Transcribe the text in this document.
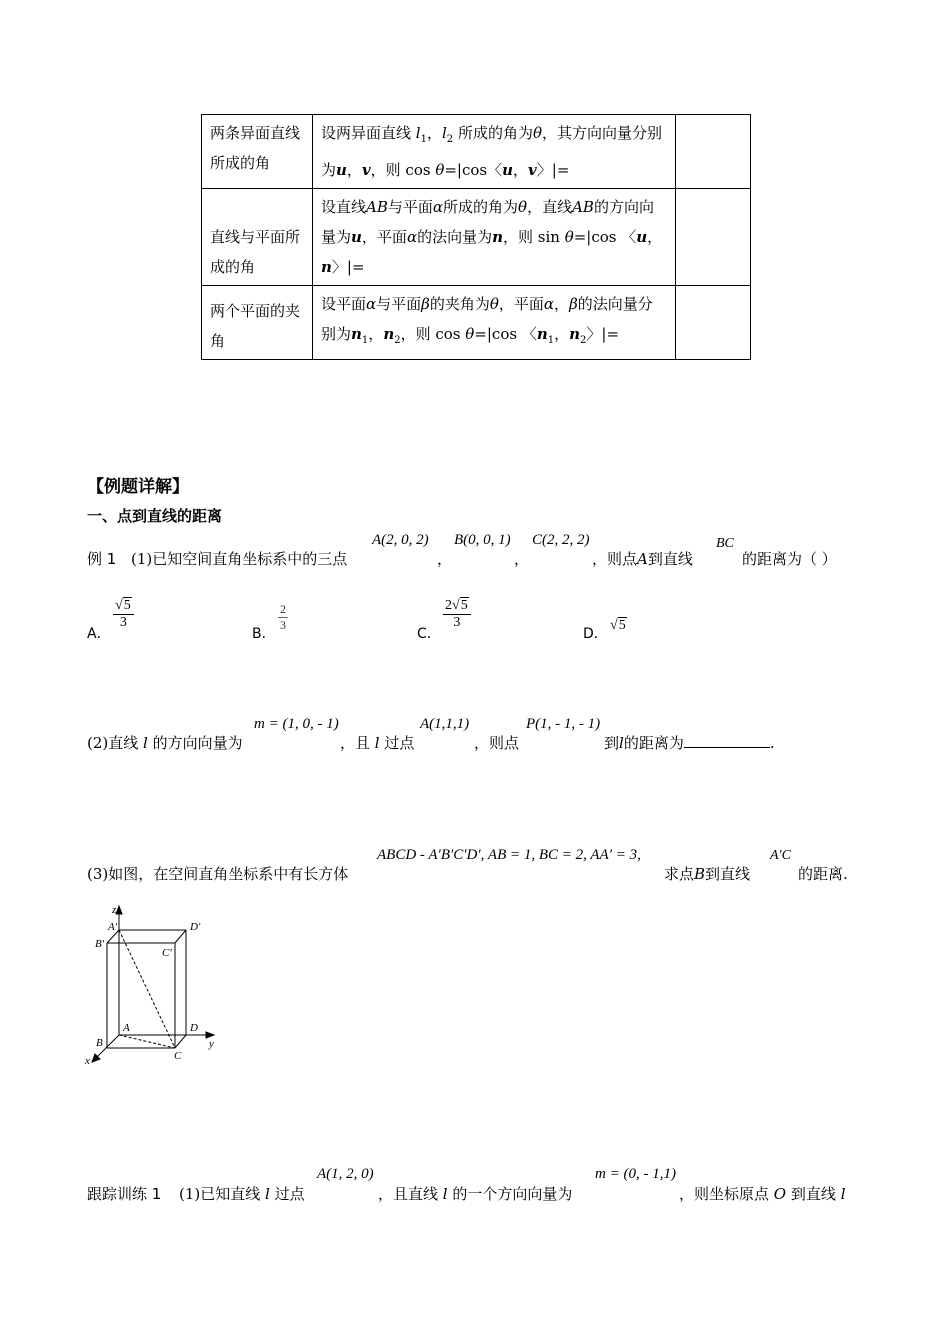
两条异面直线所成的角	设两异面直线 $l_1$，$l_2$ 所成的角为θ，其方向向量分别为u，v，则 cos θ=|cos〈u，v〉|=	
直线与平面所成的角	设直线AB与平面α所成的角为θ，直线AB的方向向量为u，平面α的法向量为n，则 sin θ=|cos 〈u，n〉|=	
两个平面的夹角	设平面α与平面β的夹角为θ，平面α，β的法向量分别为$n_1$，$n_2$，则 cos θ=|cos 〈$n_1$，$n_2$〉|=	
【例题详解】
一、点到直线的距离
例 1 (1)已知空间直角坐标系中的三点
A(2, 0, 2)
，
B(0, 0, 1)
，
C(2, 2, 2)
，则点A到直线
BC
的距离为（ ）
A．
$\frac{√5}{3}$
B．
$\frac{2}{3}$
C．
$\frac{2√5}{3}$
D．
√5
(2)直线 l 的方向向量为
m = (1, 0, - 1)
，且 l 过点
A(1,1,1)
，则点
P(1, - 1, - 1)
到l的距离为	.
(3)如图，在空间直角坐标系中有长方体
ABCD - A′B′C′D′, AB = 1, BC = 2, AA′ = 3,
求点B到直线
A′C
的距离.
z
A′	D′
B′
C′
A	D
B
C
y
x
跟踪训练 1 (1)已知直线 l 过点
A(1, 2, 0)
，且直线 l 的一个方向向量为
m = (0, - 1,1)
，则坐标原点 O 到直线 l
